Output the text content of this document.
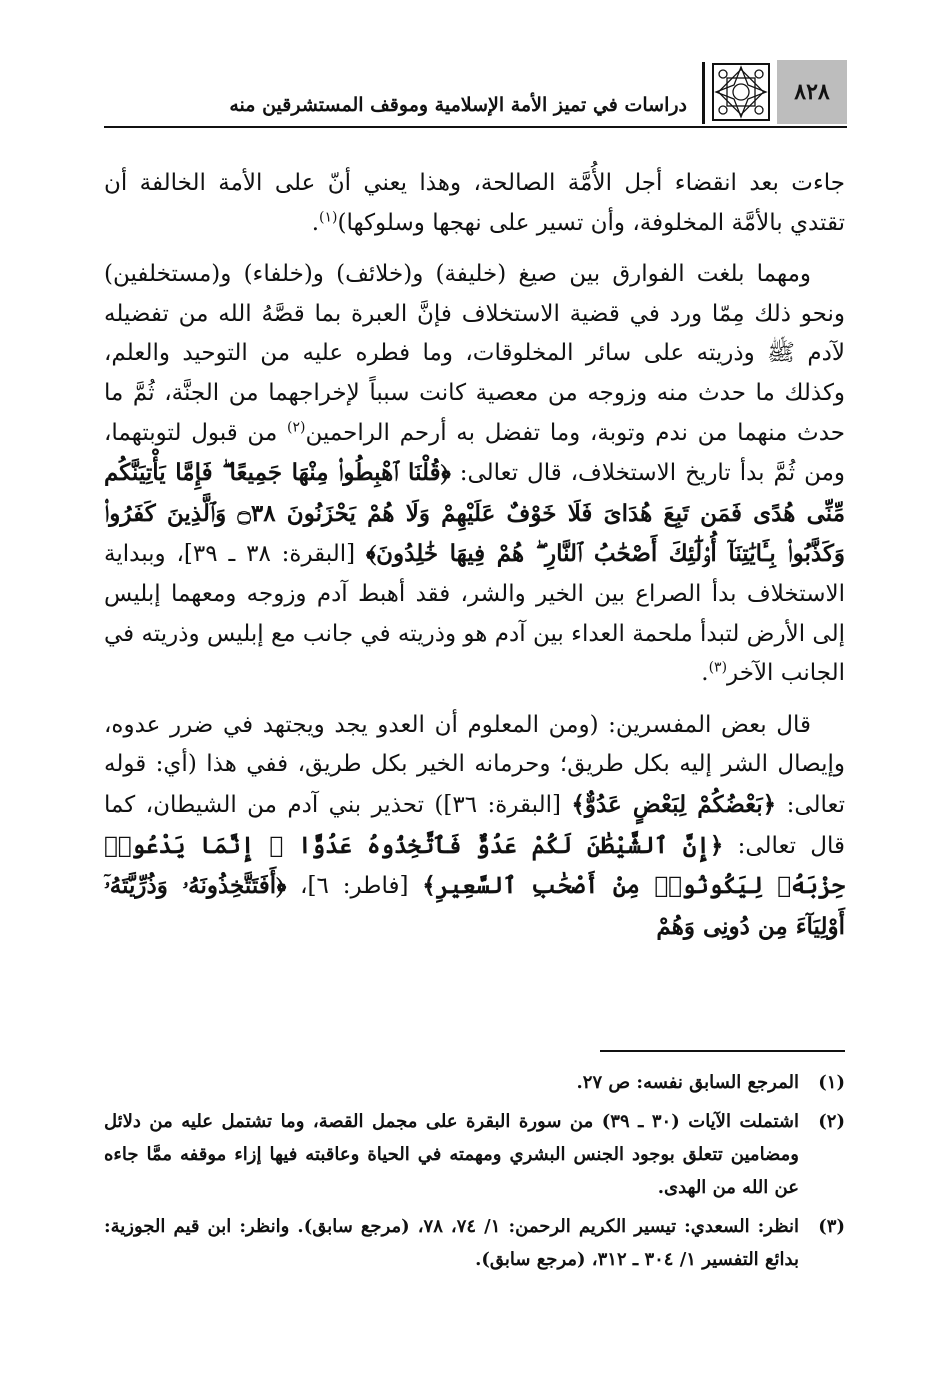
٨٢٨
دراسات في تميز الأمة الإسلامية وموقف المستشرقين منه

جاءت بعد انقضاء أجل الأُمَّة الصالحة، وهذا يعني أنّ على الأمة الخالفة أن تقتدي بالأمَّة المخلوفة، وأن تسير على نهجها وسلوكها)$^{(١)}$.

ومهما بلغت الفوارق بين صيغ (خليفة) و(خلائف) و(خلفاء) و(مستخلفين) ونحو ذلك مِمّا ورد في قضية الاستخلاف فإنَّ العبرة بما قصَّهُ الله من تفضيله لآدم ﷺ وذريته على سائر المخلوقات، وما فطره عليه من التوحيد والعلم، وكذلك ما حدث منه وزوجه من معصية كانت سبباً لإخراجهما من الجنَّة، ثُمَّ ما حدث منهما من ندم وتوبة، وما تفضل به أرحم الراحمين$^{(٢)}$ من قبول لتوبتهما، ومن ثُمَّ بدأ تاريخ الاستخلاف، قال تعالى: ﴿قُلْنَا ٱهْبِطُوا۟ مِنْهَا جَمِيعًا ۖ فَإِمَّا يَأْتِيَنَّكُم مِّنِّى هُدًى فَمَن تَبِعَ هُدَاىَ فَلَا خَوْفٌ عَلَيْهِمْ وَلَا هُمْ يَحْزَنُونَ ۝٣٨ وَٱلَّذِينَ كَفَرُوا۟ وَكَذَّبُوا۟ بِـَٔايَٰتِنَآ أُو۟لَٰٓئِكَ أَصْحَٰبُ ٱلنَّارِ ۖ هُمْ فِيهَا خَٰلِدُونَ﴾ [البقرة: ٣٨ ـ ٣٩]، وببداية الاستخلاف بدأ الصراع بين الخير والشر، فقد أهبط آدم وزوجه ومعهما إبليس إلى الأرض لتبدأ ملحمة العداء بين آدم هو وذريته في جانب مع إبليس وذريته في الجانب الآخر$^{(٣)}$.

قال بعض المفسرين: (ومن المعلوم أن العدو يجد ويجتهد في ضرر عدوه، وإيصال الشر إليه بكل طريق؛ وحرمانه الخير بكل طريق، ففي هذا (أي: قوله تعالى: ﴿بَعْضُكُمْ لِبَعْضٍ عَدُوٌّ﴾ [البقرة: ٣٦]) تحذير بني آدم من الشيطان، كما قال تعالى: ﴿إِنَّ ٱلشَّيْطَٰنَ لَكُمْ عَدُوٌّ فَٱتَّخِذُوهُ عَدُوًّا ۚ إِنَّمَا يَدْعُوا۟ حِزْبَهُۥ لِيَكُونُوا۟ مِنْ أَصْحَٰبِ ٱلسَّعِيرِ﴾ [فاطر: ٦]، ﴿أَفَتَتَّخِذُونَهُۥ وَذُرِّيَّتَهُۥٓ أَوْلِيَآءَ مِن دُونِى وَهُمْ

(١)
المرجع السابق نفسه: ص ٢٧.
(٢)
اشتملت الآيات (٣٠ ـ ٣٩) من سورة البقرة على مجمل القصة، وما تشتمل عليه من دلائل ومضامين تتعلق بوجود الجنس البشري ومهمته في الحياة وعاقبته فيها إزاء موقفه ممَّا جاءه عن الله من الهدى.
(٣)
انظر: السعدي: تيسير الكريم الرحمن: ١/ ٧٤، ٧٨، (مرجع سابق). وانظر: ابن قيم الجوزية: بدائع التفسير ١/ ٣٠٤ ـ ٣١٢، (مرجع سابق).
